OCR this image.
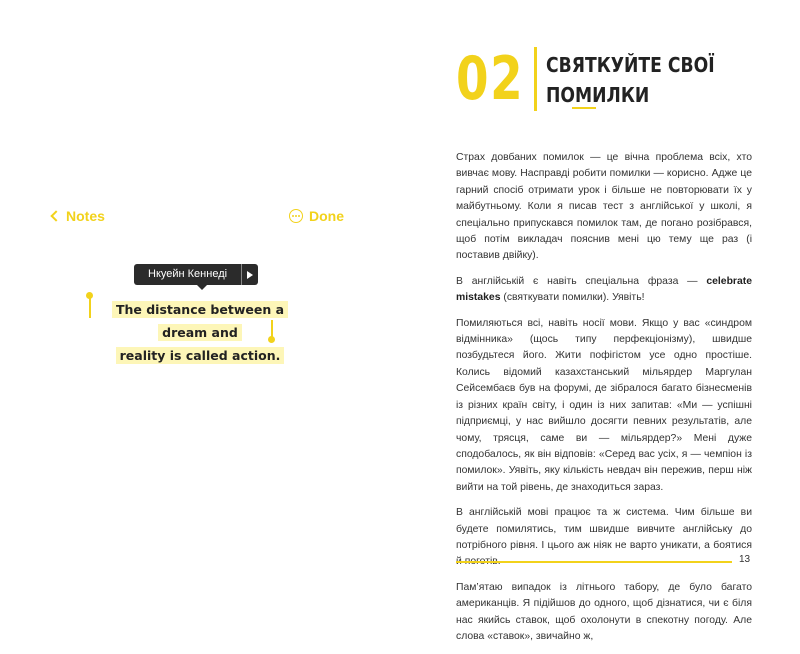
Notes	Done
Нкуейн Кеннеді
The distance between a dream and
reality is called action.
02 СВЯТКУЙТЕ СВОЇ
ПОМИЛКИ

Страх довбаних помилок — це вічна проблема всіх, хто вивчає мову. Насправді робити помилки — корисно. Адже це гарний спосіб отримати урок і більше не повторювати їх у майбутньому. Коли я писав тест з англійської у школі, я спеціально припускався помилок там, де погано розібрався, щоб потім викладач пояснив мені цю тему ще раз (і поставив двійку).

В англійській є навіть спеціальна фраза — celebrate mistakes (святкувати помилки). Уявіть!

Помиляються всі, навіть носії мови. Якщо у вас «синдром відмінника» (щось типу перфекціонізму), швидше позбудьтеся його. Жити пофігістом усе одно простіше. Колись відомий казахстанський мільярдер Маргулан Сейсембаєв був на форумі, де зібралося багато бізнесменів із різних країн світу, і один із них запитав: «Ми — успішні підприємці, у нас вийшло досягти певних результатів, але чому, трясця, саме ви — мільярдер?» Мені дуже сподобалось, як він відповів: «Серед вас усіх, я — чемпіон із помилок». Уявіть, яку кількість невдач він пережив, перш ніж вийти на той рівень, де знаходиться зараз.

В англійській мові працює та ж система. Чим більше ви будете помилятись, тим швидше вивчите англійську до потрібного рівня. І цього аж ніяк не варто уникати, а боятися

Пам’ятаю випадок із літнього табору, де було багато американців. Я підійшов до одного, щоб дізнатися, чи є біля нас якийсь ставок, щоб охолонути в спекотну погоду. Але слова «ставок», звичайно ж,

13
